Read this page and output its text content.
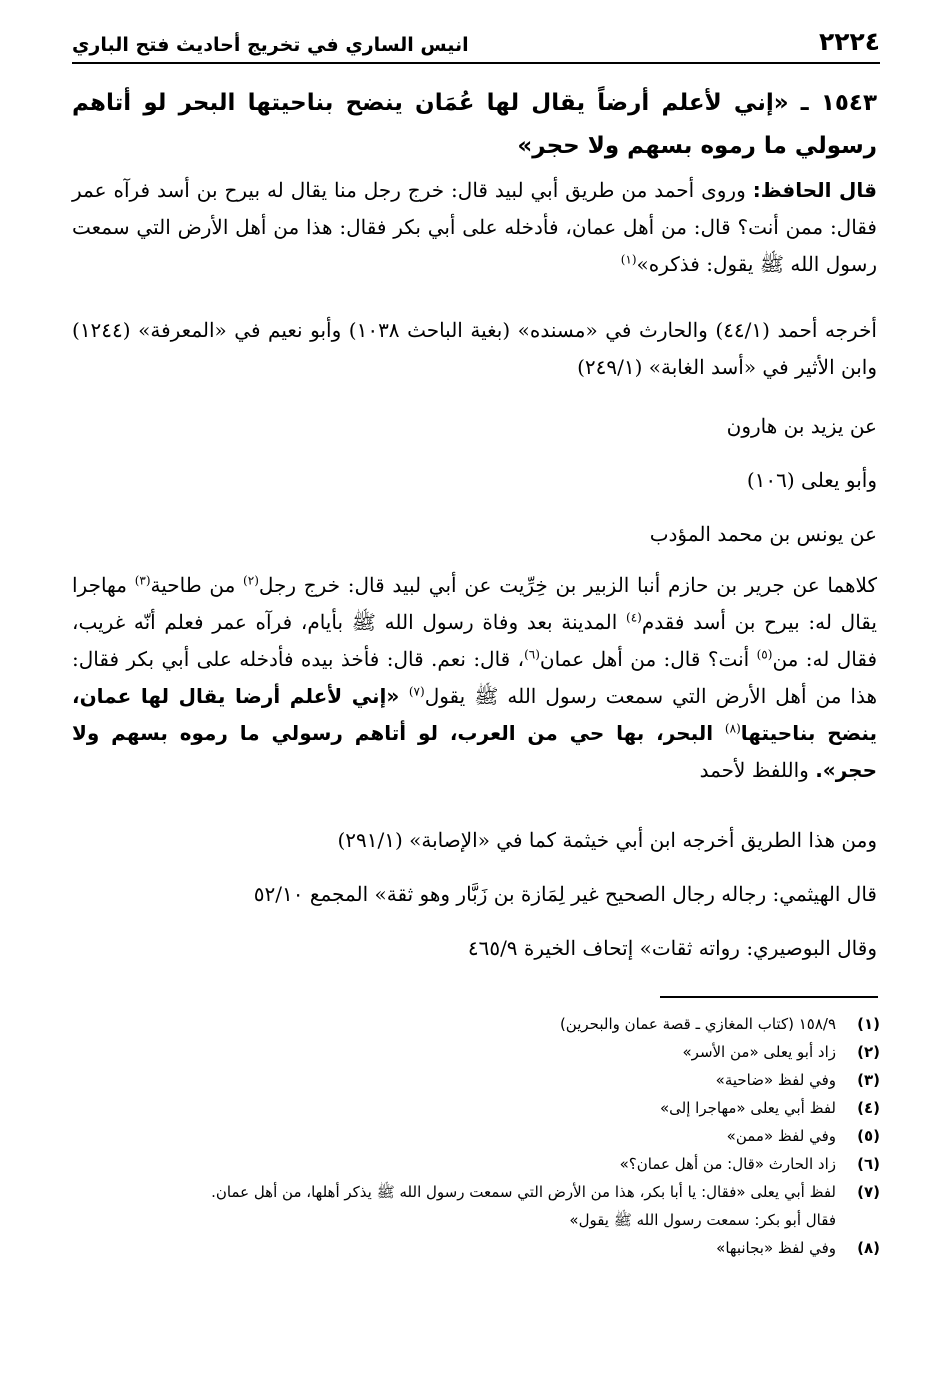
٢٢٢٤
انيس الساري في تخريج أحاديث فتح الباري
١٥٤٣ ـ «إني لأعلم أرضاً يقال لها عُمَان ينضح بناحيتها البحر لو أتاهم رسولي ما رموه بسهم ولا حجر»
قال الحافظ: وروى أحمد من طريق أبي لبيد قال: خرج رجل منا يقال له بيرح بن أسد فرآه عمر فقال: ممن أنت؟ قال: من أهل عمان، فأدخله على أبي بكر فقال: هذا من أهل الأرض التي سمعت رسول الله ﷺ يقول: فذكره»$^{(١)}$
أخرجه أحمد (٤٤/١) والحارث في «مسنده» (بغية الباحث ١٠٣٨) وأبو نعيم في «المعرفة» (١٢٤٤) وابن الأثير في «أسد الغابة» (٢٤٩/١)
عن يزيد بن هارون
وأبو يعلى (١٠٦)
عن يونس بن محمد المؤدب
كلاهما عن جرير بن حازم أنبا الزبير بن خِرِّيت عن أبي لبيد قال: خرج رجل$^{(٢)}$ من طاحية$^{(٣)}$ مهاجرا يقال له: بيرح بن أسد فقدم$^{(٤)}$ المدينة بعد وفاة رسول الله ﷺ بأيام، فرآه عمر فعلم أنّه غريب، فقال له: من$^{(٥)}$ أنت؟ قال: من أهل عمان$^{(٦)}$، قال: نعم. قال: فأخذ بيده فأدخله على أبي بكر فقال: هذا من أهل الأرض التي سمعت رسول الله ﷺ يقول$^{(٧)}$ «إني لأعلم أرضا يقال لها عمان، ينضح بناحيتها$^{(٨)}$ البحر، بها حي من العرب، لو أتاهم رسولي ما رموه بسهم ولا حجر». واللفظ لأحمد
ومن هذا الطريق أخرجه ابن أبي خيثمة كما في «الإصابة» (٢٩١/١)
قال الهيثمي: رجاله رجال الصحيح غير لِمَازة بن زَبَّار وهو ثقة» المجمع ٥٢/١٠
وقال البوصيري: رواته ثقات» إتحاف الخيرة ٤٦٥/٩
(١)
١٥٨/٩ (كتاب المغازي ـ قصة عمان والبحرين)
(٢)
زاد أبو يعلى «من الأسر»
(٣)
وفي لفظ «ضاحية»
(٤)
لفظ أبي يعلى «مهاجرا إلى»
(٥)
وفي لفظ «ممن»
(٦)
زاد الحارث «قال: من أهل عمان؟»
(٧)
لفظ أبي يعلى «فقال: يا أبا بكر، هذا من الأرض التي سمعت رسول الله ﷺ يذكر أهلها، من أهل عمان.
فقال أبو بكر: سمعت رسول الله ﷺ يقول»
(٨)
وفي لفظ «بجانبها»
